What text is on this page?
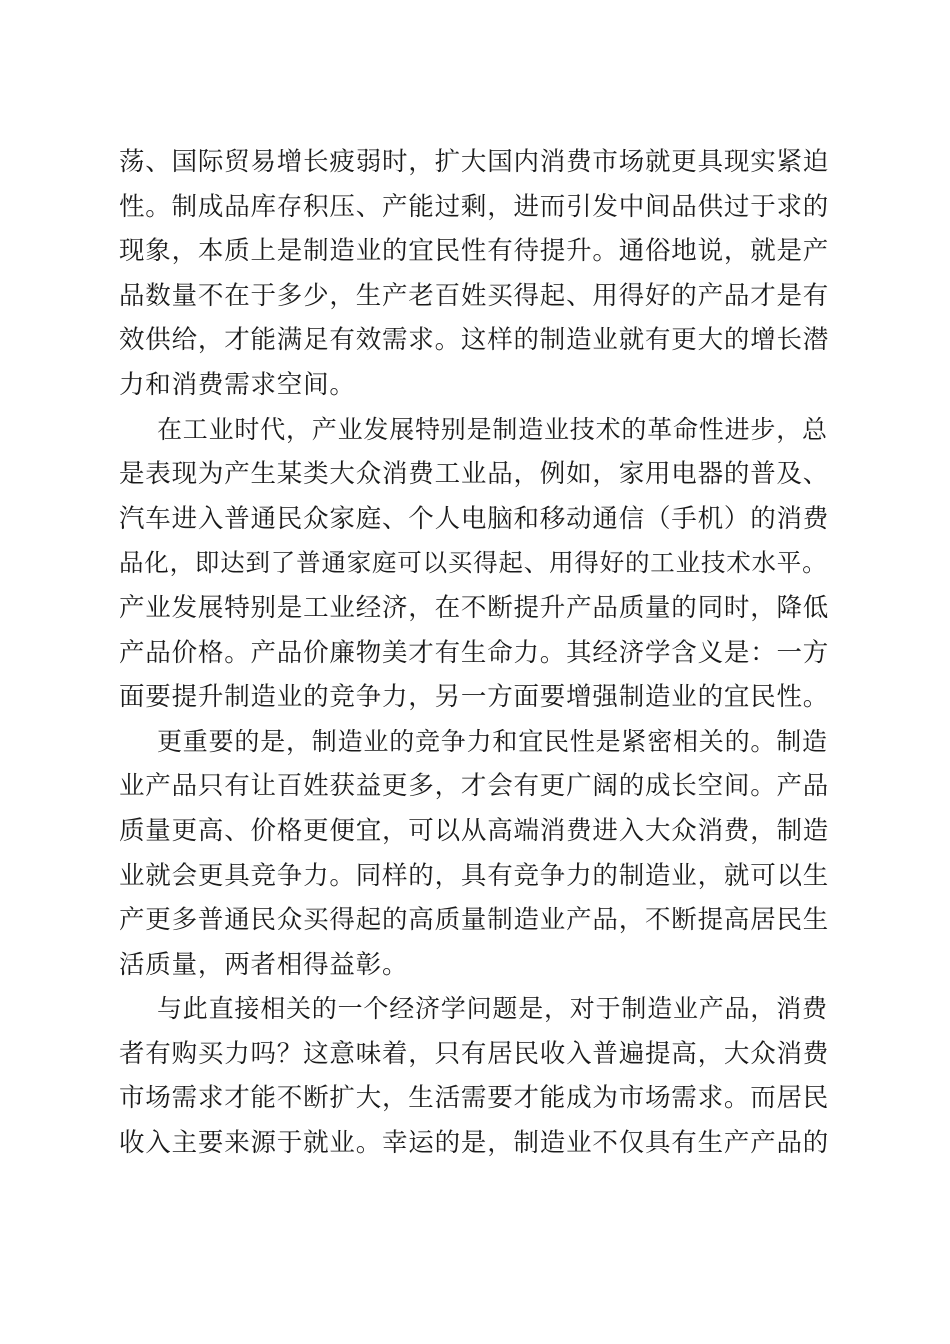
荡、国际贸易增长疲弱时，扩大国内消费市场就更具现实紧迫
性。制成品库存积压、产能过剩，进而引发中间品供过于求的
现象，本质上是制造业的宜民性有待提升。通俗地说，就是产
品数量不在于多少，生产老百姓买得起、用得好的产品才是有
效供给，才能满足有效需求。这样的制造业就有更大的增长潜
力和消费需求空间。
在工业时代，产业发展特别是制造业技术的革命性进步，总
是表现为产生某类大众消费工业品，例如，家用电器的普及、
汽车进入普通民众家庭、个人电脑和移动通信（手机）的消费
品化，即达到了普通家庭可以买得起、用得好的工业技术水平。
产业发展特别是工业经济，在不断提升产品质量的同时，降低
产品价格。产品价廉物美才有生命力。其经济学含义是：一方
面要提升制造业的竞争力，另一方面要增强制造业的宜民性。
更重要的是，制造业的竞争力和宜民性是紧密相关的。制造
业产品只有让百姓获益更多，才会有更广阔的成长空间。产品
质量更高、价格更便宜，可以从高端消费进入大众消费，制造
业就会更具竞争力。同样的，具有竞争力的制造业，就可以生
产更多普通民众买得起的高质量制造业产品，不断提高居民生
活质量，两者相得益彰。
与此直接相关的一个经济学问题是，对于制造业产品，消费
者有购买力吗？这意味着，只有居民收入普遍提高，大众消费
市场需求才能不断扩大，生活需要才能成为市场需求。而居民
收入主要来源于就业。幸运的是，制造业不仅具有生产产品的
